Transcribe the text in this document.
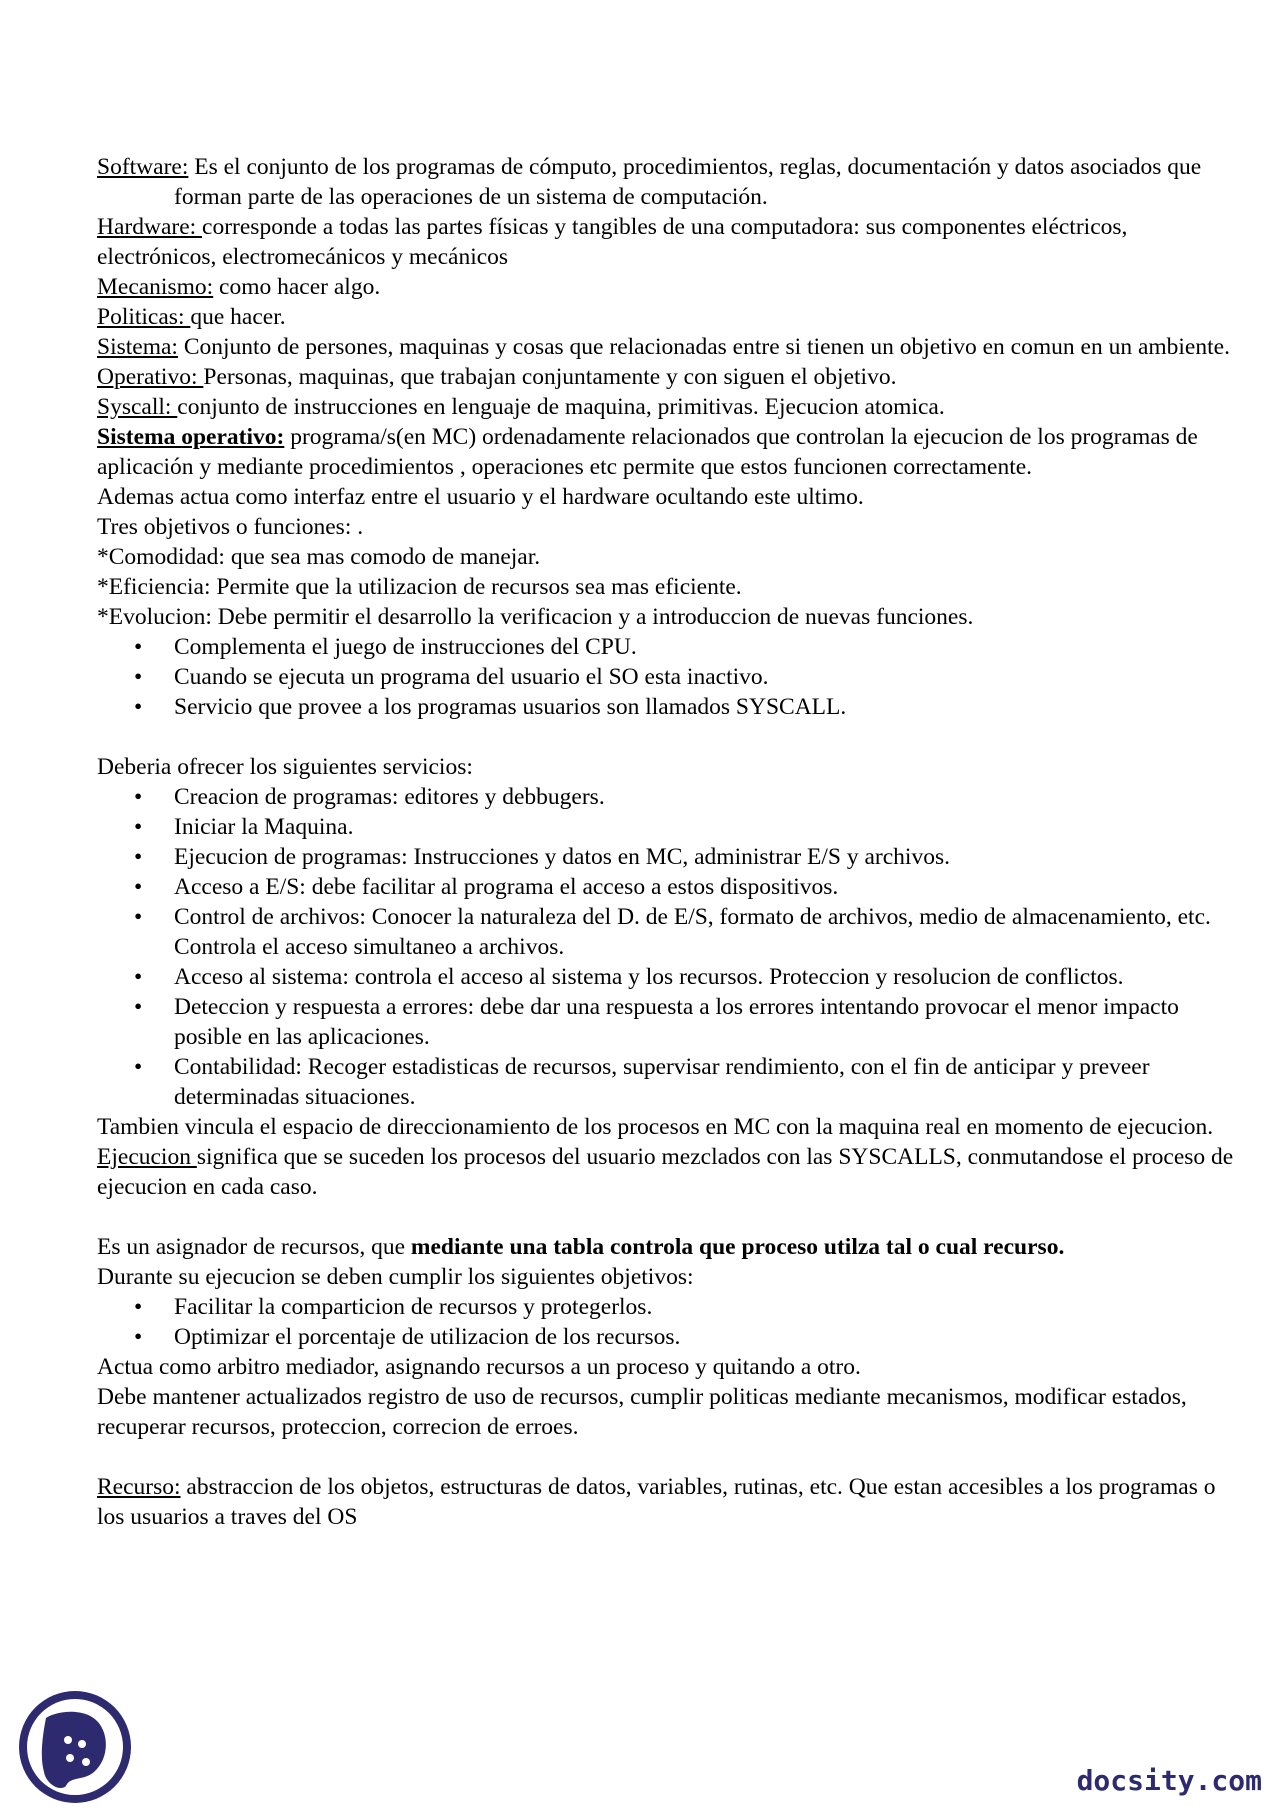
Software: Es el conjunto de los programas de cómputo, procedimientos, reglas, documentación y datos asociados que forman parte de las operaciones de un sistema de computación.

Hardware: corresponde a todas las partes físicas y tangibles de una computadora: sus componentes eléctricos, electrónicos, electromecánicos y mecánicos

Mecanismo: como hacer algo.

Politicas: que hacer.

Sistema: Conjunto de persones, maquinas y cosas que relacionadas entre si tienen un objetivo en comun en un ambiente.

Operativo: Personas, maquinas, que trabajan conjuntamente y con siguen el objetivo.

Syscall: conjunto de instrucciones en lenguaje de maquina, primitivas. Ejecucion atomica.

Sistema operativo: programa/s(en MC) ordenadamente relacionados que controlan la ejecucion de los programas de aplicación y mediante procedimientos , operaciones etc permite que estos funcionen correctamente.

Ademas actua como interfaz entre el usuario y el hardware ocultando este ultimo.

Tres objetivos o funciones: .

*Comodidad: que sea mas comodo de manejar.

*Eficiencia: Permite que la utilizacion de recursos sea mas eficiente.

*Evolucion: Debe permitir el desarrollo la verificacion y a introduccion de nuevas funciones.

• Complementa el juego de instrucciones del CPU.
• Cuando se ejecuta un programa del usuario el SO esta inactivo.
• Servicio que provee a los programas usuarios son llamados SYSCALL.

Deberia ofrecer los siguientes servicios:

• Creacion de programas: editores y debbugers.
• Iniciar la Maquina.
• Ejecucion de programas: Instrucciones y datos en MC, administrar E/S y archivos.
• Acceso a E/S: debe facilitar al programa el acceso a estos dispositivos.
• Control de archivos: Conocer la naturaleza del D. de E/S, formato de archivos, medio de almacenamiento, etc. Controla el acceso simultaneo a archivos.
• Acceso al sistema: controla el acceso al sistema y los recursos. Proteccion y resolucion de conflictos.
• Deteccion y respuesta a errores: debe dar una respuesta a los errores intentando provocar el menor impacto posible en las aplicaciones.
• Contabilidad: Recoger estadisticas de recursos, supervisar rendimiento, con el fin de anticipar y preveer determinadas situaciones.

Tambien vincula el espacio de direccionamiento de los procesos en MC con la maquina real en momento de ejecucion.

Ejecucion significa que se suceden los procesos del usuario mezclados con las SYSCALLS, conmutandose el proceso de ejecucion en cada caso.

Es un asignador de recursos, que mediante una tabla controla que proceso utilza tal o cual recurso.

Durante su ejecucion se deben cumplir los siguientes objetivos:

• Facilitar la comparticion de recursos y protegerlos.
• Optimizar el porcentaje de utilizacion de los recursos.

Actua como arbitro mediador, asignando recursos a un proceso y quitando a otro.

Debe mantener actualizados registro de uso de recursos, cumplir politicas mediante mecanismos, modificar estados, recuperar recursos, proteccion, correcion de erroes.

Recurso: abstraccion de los objetos, estructuras de datos, variables, rutinas, etc. Que estan accesibles a los programas o los usuarios a traves del OS

docsity.com
